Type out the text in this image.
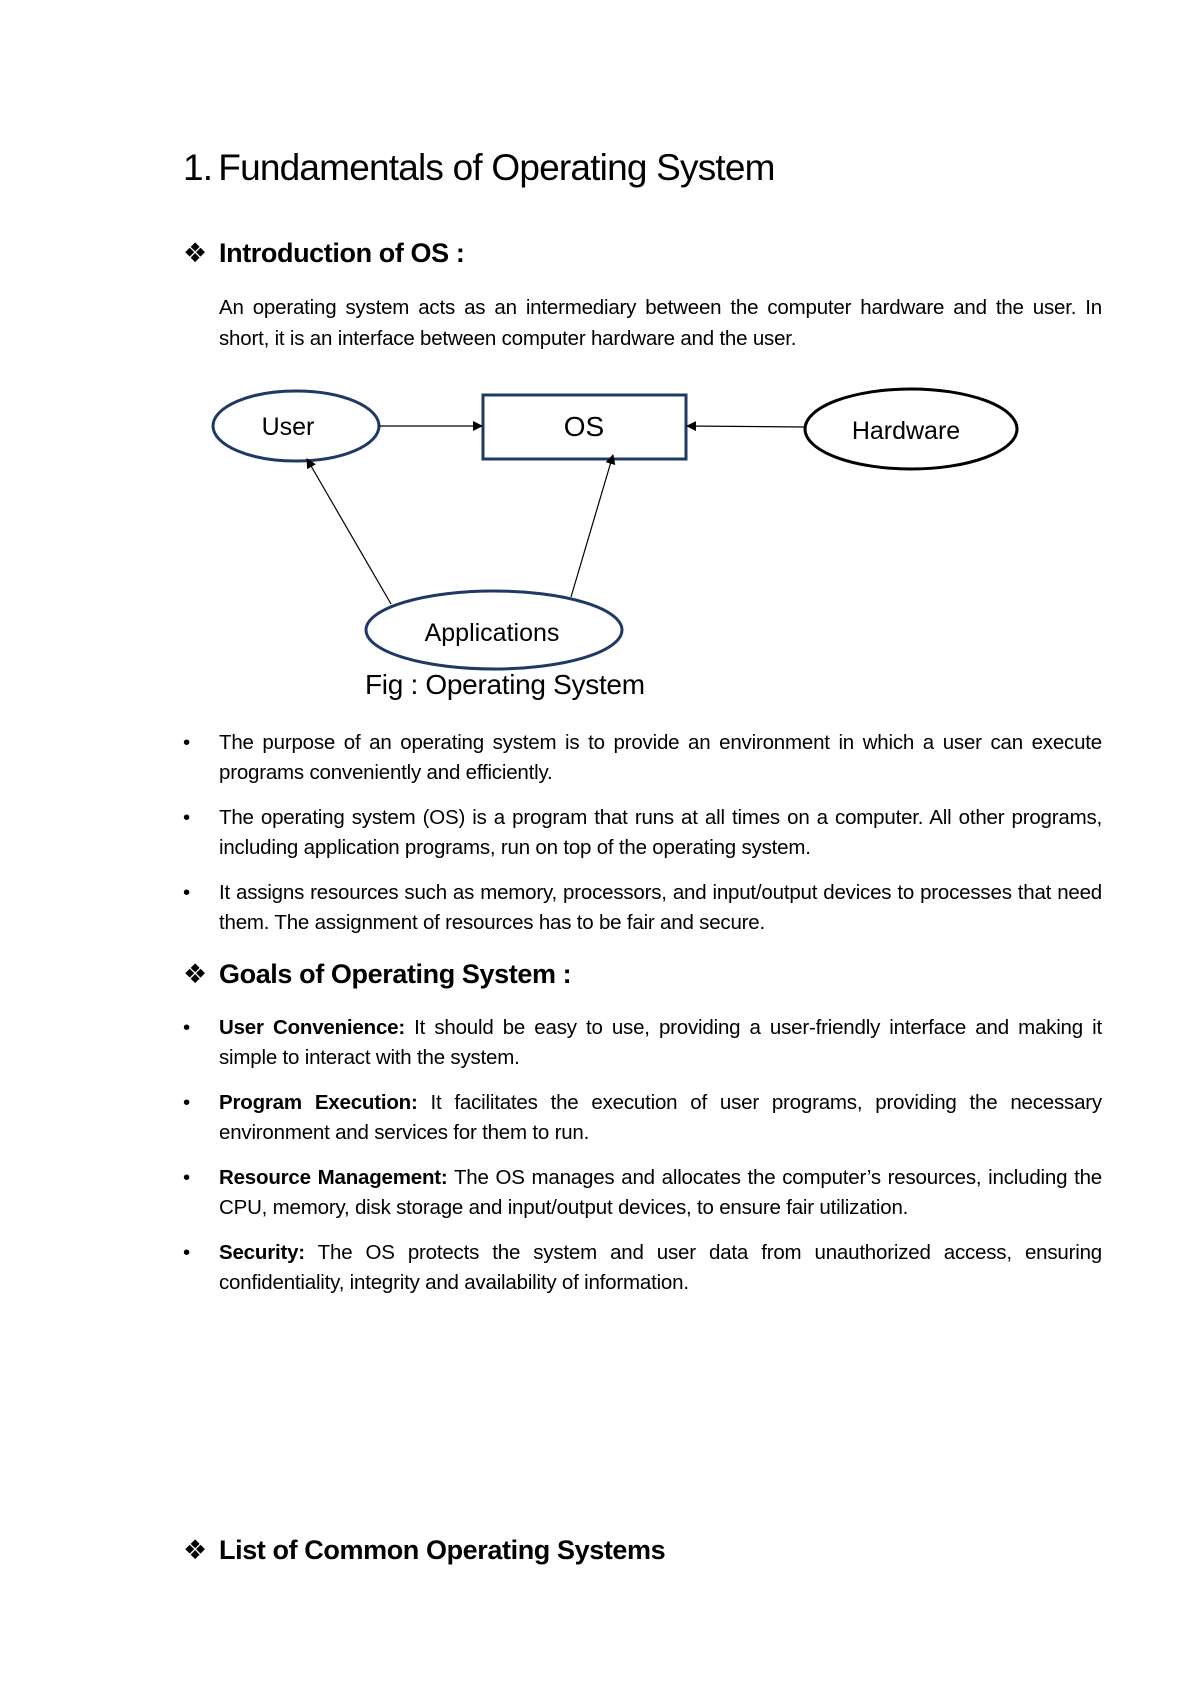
1. Fundamentals of Operating System
❖ Introduction of OS :
An operating system acts as an intermediary between the computer hardware and the user. In short, it is an interface between computer hardware and the user.
User	OS	Hardware
Applications
Fig : Operating System
•	The purpose of an operating system is to provide an environment in which a user can execute programs conveniently and efficiently.
•	The operating system (OS) is a program that runs at all times on a computer. All other programs, including application programs, run on top of the operating system.
•	It assigns resources such as memory, processors, and input/output devices to processes that need them. The assignment of resources has to be fair and secure.
❖ Goals of Operating System :
•	User Convenience: It should be easy to use, providing a user-friendly interface and making it simple to interact with the system.
•	Program Execution: It facilitates the execution of user programs, providing the necessary environment and services for them to run.
•	Resource Management: The OS manages and allocates the computer’s resources, including the CPU, memory, disk storage and input/output devices, to ensure fair utilization.
•	Security: The OS protects the system and user data from unauthorized access, ensuring confidentiality, integrity and availability of information.
❖ List of Common Operating Systems
